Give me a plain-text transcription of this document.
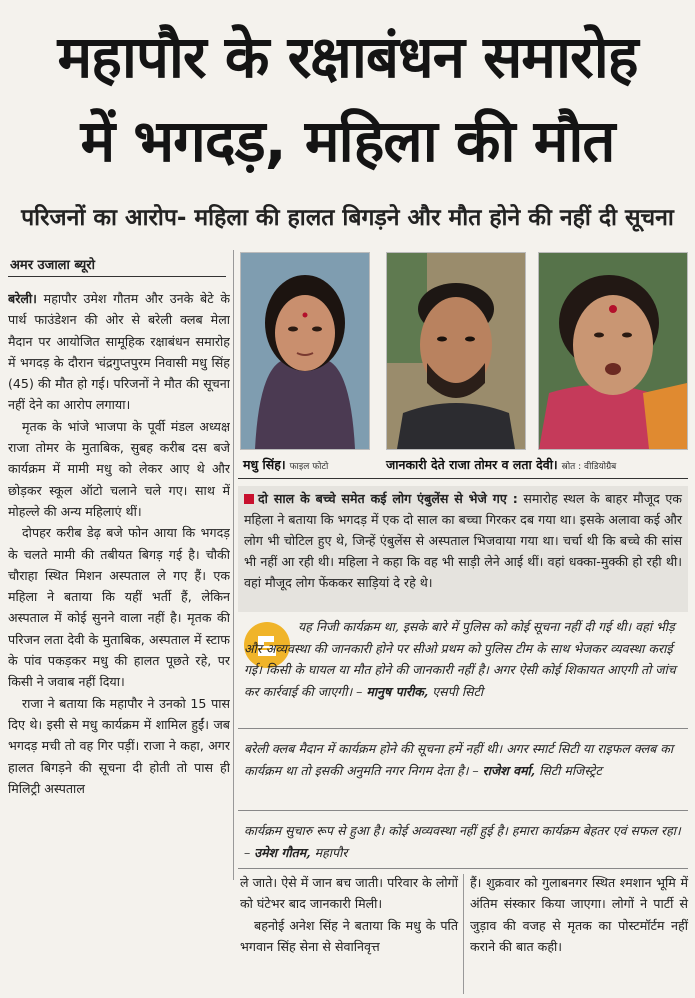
महापौर के रक्षाबंधन समारोह
में भगदड़, महिला की मौत
परिजनों का आरोप- महिला की हालत बिगड़ने और मौत होने की नहीं दी सूचना
अमर उजाला ब्यूरो

बरेली। महापौर उमेश गौतम और उनके बेटे के पार्थ फाउंडेशन की ओर से बरेली क्लब मेला मैदान पर आयोजित सामूहिक रक्षाबंधन समारोह में भगदड़ के दौरान चंद्रगुप्तपुरम निवासी मधु सिंह (45) की मौत हो गई। परिजनों ने मौत की सूचना नहीं देने का आरोप लगाया।

मृतक के भांजे भाजपा के पूर्वी मंडल अध्यक्ष राजा तोमर के मुताबिक, सुबह करीब दस बजे कार्यक्रम में मामी मधु को लेकर आए थे और छोड़कर स्कूल ऑटो चलाने चले गए। साथ में मोहल्ले की अन्य महिलाएं थीं।

दोपहर करीब डेढ़ बजे फोन आया कि भगदड़ के चलते मामी की तबीयत बिगड़ गई है। चौकी चौराहा स्थित मिशन अस्पताल ले गए हैं। एक महिला ने बताया कि यहीं भर्ती हैं, लेकिन अस्पताल में कोई सुनने वाला नहीं है। मृतक की परिजन लता देवी के मुताबिक, अस्पताल में स्टाफ के पांव पकड़कर मधु की हालत पूछते रहे, पर किसी ने जवाब नहीं दिया।

राजा ने बताया कि महापौर ने उनको 15 पास दिए थे। इसी से मधु कार्यक्रम में शामिल हुईं। जब भगदड़ मची तो वह गिर पड़ीं। राजा ने कहा, अगर हालत बिगड़ने की सूचना दी होती तो पास ही मिलिट्री अस्पताल

मधु सिंह। फाइल फोटो	जानकारी देते राजा तोमर व लता देवी। स्रोत : वीडियोग्रैब
दो साल के बच्चे समेत कई लोग एंबुलेंस से भेजे गए : समारोह स्थल के बाहर मौजूद एक महिला ने बताया कि भगदड़ में एक दो साल का बच्चा गिरकर दब गया था। इसके अलावा कई और लोग भी चोटिल हुए थे, जिन्हें एंबुलेंस से अस्पताल भिजवाया गया था। चर्चा थी कि बच्चे की सांस भी नहीं आ रही थी। महिला ने कहा कि वह भी साड़ी लेने आई थीं। वहां धक्का-मुक्की हो रही थी। वहां मौजूद लोग फेंककर साड़ियां दे रहे थे।
यह निजी कार्यक्रम था, इसके बारे में पुलिस को कोई सूचना नहीं दी गई थी। वहां भीड़ और अव्यवस्था की जानकारी होने पर सीओ प्रथम को पुलिस टीम के साथ भेजकर व्यवस्था कराई गई। किसी के घायल या मौत होने की जानकारी नहीं है। अगर ऐसी कोई शिकायत आएगी तो जांच कर कार्रवाई की जाएगी। – मानुष पारीक, एसपी सिटी
बरेली क्लब मैदान में कार्यक्रम होने की सूचना हमें नहीं थी। अगर स्मार्ट सिटी या राइफल क्लब का कार्यक्रम था तो इसकी अनुमति नगर निगम देता है। – राजेश वर्मा, सिटी मजिस्ट्रेट
कार्यक्रम सुचारु रूप से हुआ है। कोई अव्यवस्था नहीं हुई है। हमारा कार्यक्रम बेहतर एवं सफल रहा। – उमेश गौतम, महापौर

ले जाते। ऐसे में जान बच जाती। परिवार के लोगों को घंटेभर बाद जानकारी मिली।

बहनोई अनेश सिंह ने बताया कि मधु के पति भगवान सिंह सेना से सेवानिवृत्त

हैं। शुक्रवार को गुलाबनगर स्थित श्मशान भूमि में अंतिम संस्कार किया जाएगा। लोगों ने पार्टी से जुड़ाव की वजह से मृतक का पोस्टमॉर्टम नहीं कराने की बात कही।
